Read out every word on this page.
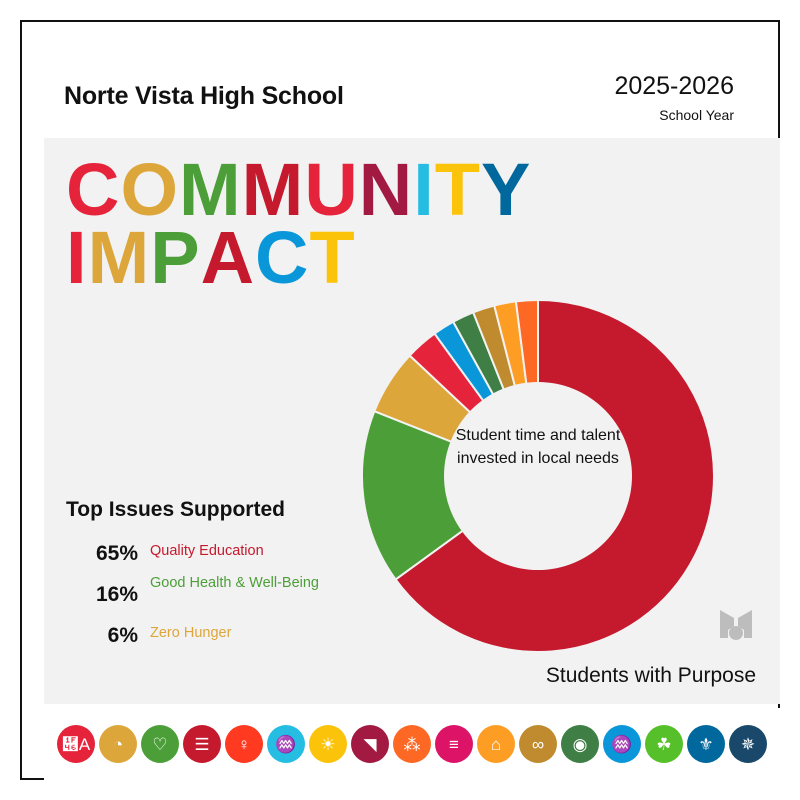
Norte Vista High School	2025-2026
School Year
COMMUNITY
IMPACT
Top Issues Supported
65% Quality Education
16% Good Health & Well-Being
6% Zero Hunger
Student time and talent invested in local needs
Students with Purpose
὆A	◔	♡	☰	♀	♒	☀	◥	⁂	≡	⌂	∞	◉	♒	☘	⚜	✵
